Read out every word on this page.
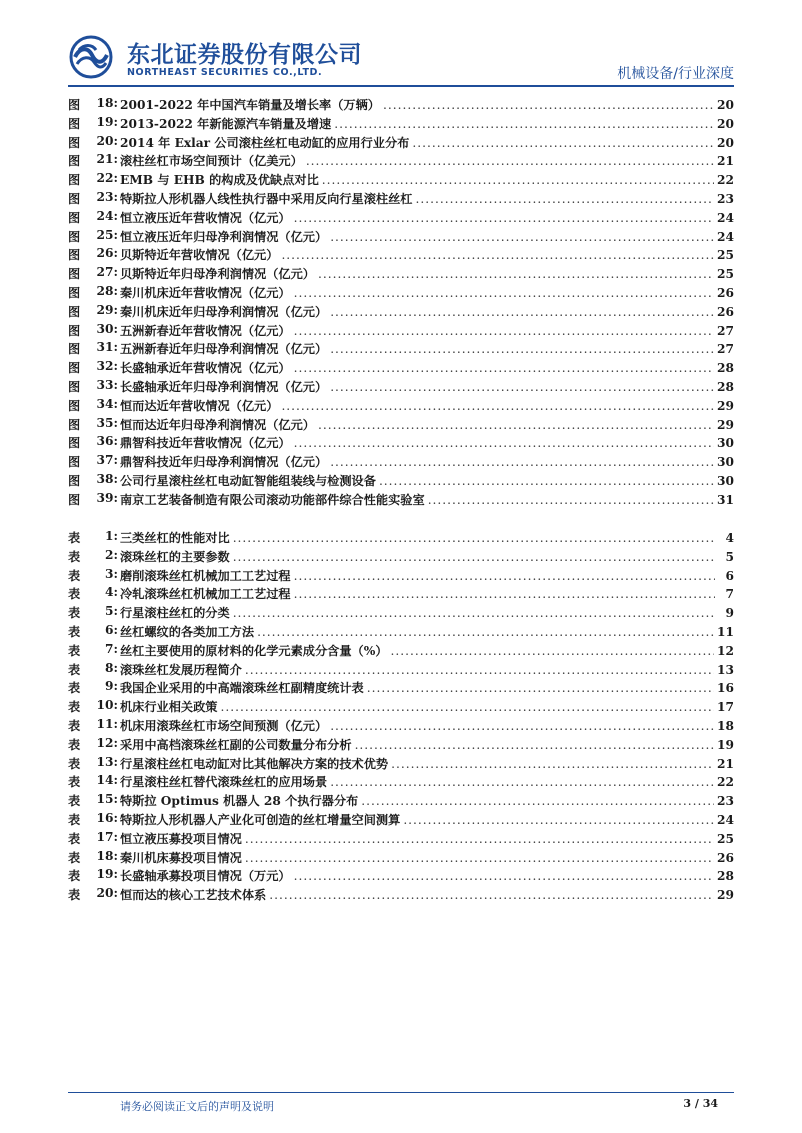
东北证券股份有限公司
NORTHEAST SECURITIES CO.,LTD.	机械设备/行业深度
图 18: 2001-2022 年中国汽车销量及增长率（万辆） .....	20
图 19: 2013-2022 年新能源汽车销量及增速 .....	20
图 20: 2014 年 Exlar 公司滚柱丝杠电动缸的应用行业分布 .....	20
图 21: 滚柱丝杠市场空间预计（亿美元） .....	21
图 22: EMB 与 EHB 的构成及优缺点对比 .....	22
图 23: 特斯拉人形机器人线性执行器中采用反向行星滚柱丝杠 .....	23
图 24: 恒立液压近年营收情况（亿元） .....	24
图 25: 恒立液压近年归母净利润情况（亿元） .....	24
图 26: 贝斯特近年营收情况（亿元） .....	25
图 27: 贝斯特近年归母净利润情况（亿元） .....	25
图 28: 秦川机床近年营收情况（亿元） .....	26
图 29: 秦川机床近年归母净利润情况（亿元） .....	26
图 30: 五洲新春近年营收情况（亿元） .....	27
图 31: 五洲新春近年归母净利润情况（亿元） .....	27
图 32: 长盛轴承近年营收情况（亿元） .....	28
图 33: 长盛轴承近年归母净利润情况（亿元） .....	28
图 34: 恒而达近年营收情况（亿元） .....	29
图 35: 恒而达近年归母净利润情况（亿元） .....	29
图 36: 鼎智科技近年营收情况（亿元） .....	30
图 37: 鼎智科技近年归母净利润情况（亿元） .....	30
图 38: 公司行星滚柱丝杠电动缸智能组装线与检测设备 .....	30
图 39: 南京工艺装备制造有限公司滚动功能部件综合性能实验室 .....	31
表 1: 三类丝杠的性能对比 .....	4
表 2: 滚珠丝杠的主要参数 .....	5
表 3: 磨削滚珠丝杠机械加工工艺过程 .....	6
表 4: 冷轧滚珠丝杠机械加工工艺过程 .....	7
表 5: 行星滚柱丝杠的分类 .....	9
表 6: 丝杠螺纹的各类加工方法 .....	11
表 7: 丝杠主要使用的原材料的化学元素成分含量（%） .....	12
表 8: 滚珠丝杠发展历程简介 .....	13
表 9: 我国企业采用的中高端滚珠丝杠副精度统计表 .....	16
表 10: 机床行业相关政策 .....	17
表 11: 机床用滚珠丝杠市场空间预测（亿元） .....	18
表 12: 采用中高档滚珠丝杠副的公司数量分布分析 .....	19
表 13: 行星滚柱丝杠电动缸对比其他解决方案的技术优势 .....	21
表 14: 行星滚柱丝杠替代滚珠丝杠的应用场景 .....	22
表 15: 特斯拉 Optimus 机器人 28 个执行器分布 .....	23
表 16: 特斯拉人形机器人产业化可创造的丝杠增量空间测算 .....	24
表 17: 恒立液压募投项目情况 .....	25
表 18: 秦川机床募投项目情况 .....	26
表 19: 长盛轴承募投项目情况（万元） .....	28
表 20: 恒而达的核心工艺技术体系 .....	29
请务必阅读正文后的声明及说明	3 / 34
